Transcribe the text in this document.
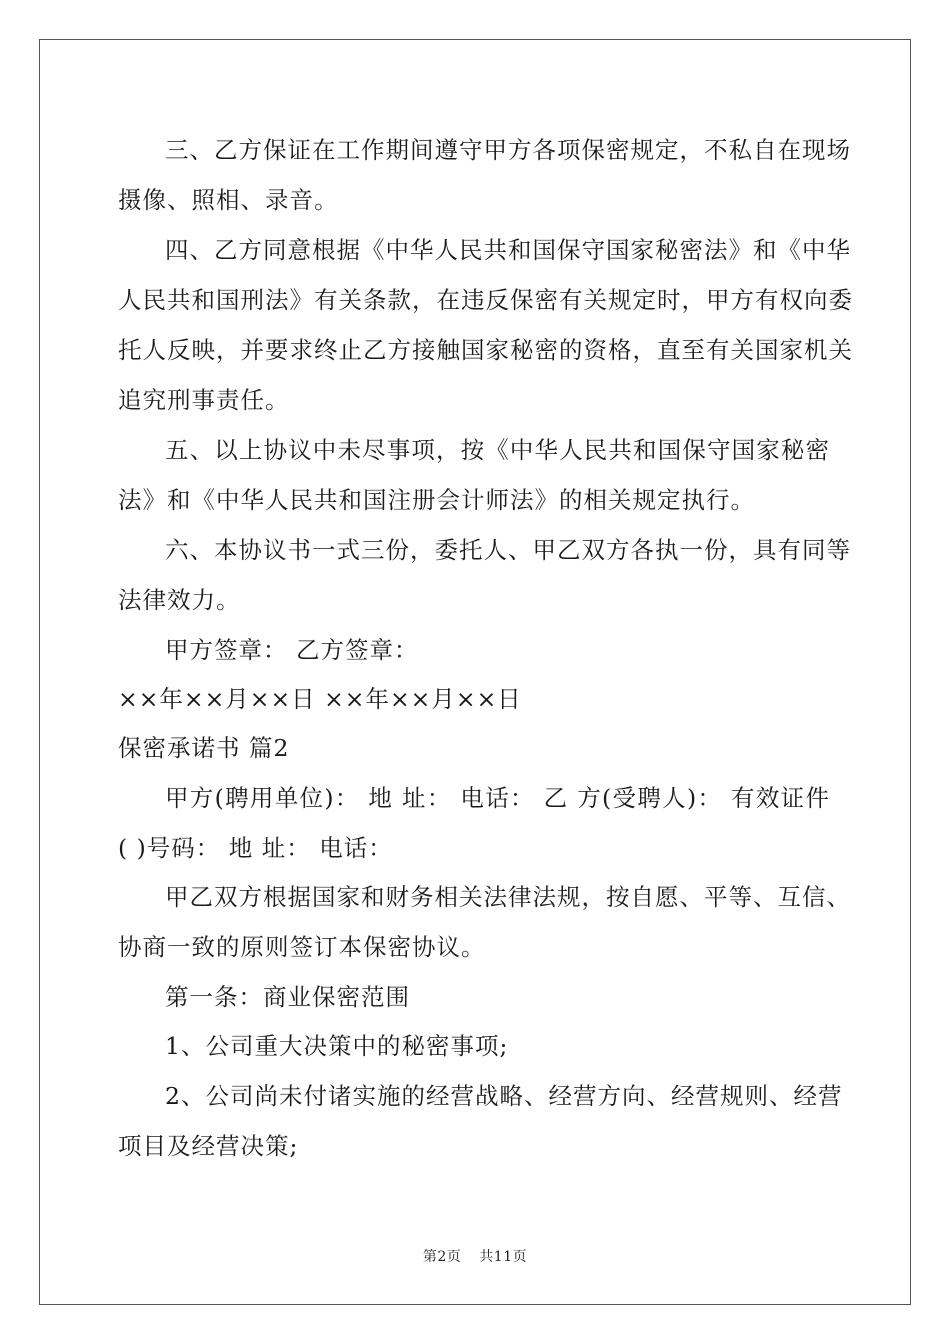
三、乙方保证在工作期间遵守甲方各项保密规定，不私自在现场
摄像、照相、录音。
四、乙方同意根据《中华人民共和国保守国家秘密法》和《中华
人民共和国刑法》有关条款，在违反保密有关规定时，甲方有权向委
托人反映，并要求终止乙方接触国家秘密的资格，直至有关国家机关
追究刑事责任。
五、以上协议中未尽事项，按《中华人民共和国保守国家秘密
法》和《中华人民共和国注册会计师法》的相关规定执行。
六、本协议书一式三份，委托人、甲乙双方各执一份，具有同等
法律效力。
甲方签章： 乙方签章：
××年××月××日 ××年××月××日
保密承诺书 篇2
甲方(聘用单位)： 地 址： 电话： 乙 方(受聘人)： 有效证件
( )号码： 地 址： 电话：
甲乙双方根据国家和财务相关法律法规，按自愿、平等、互信、
协商一致的原则签订本保密协议。
第一条：商业保密范围
1、公司重大决策中的秘密事项;
2、公司尚未付诸实施的经营战略、经营方向、经营规则、经营
项目及经营决策;
第2页 共11页
